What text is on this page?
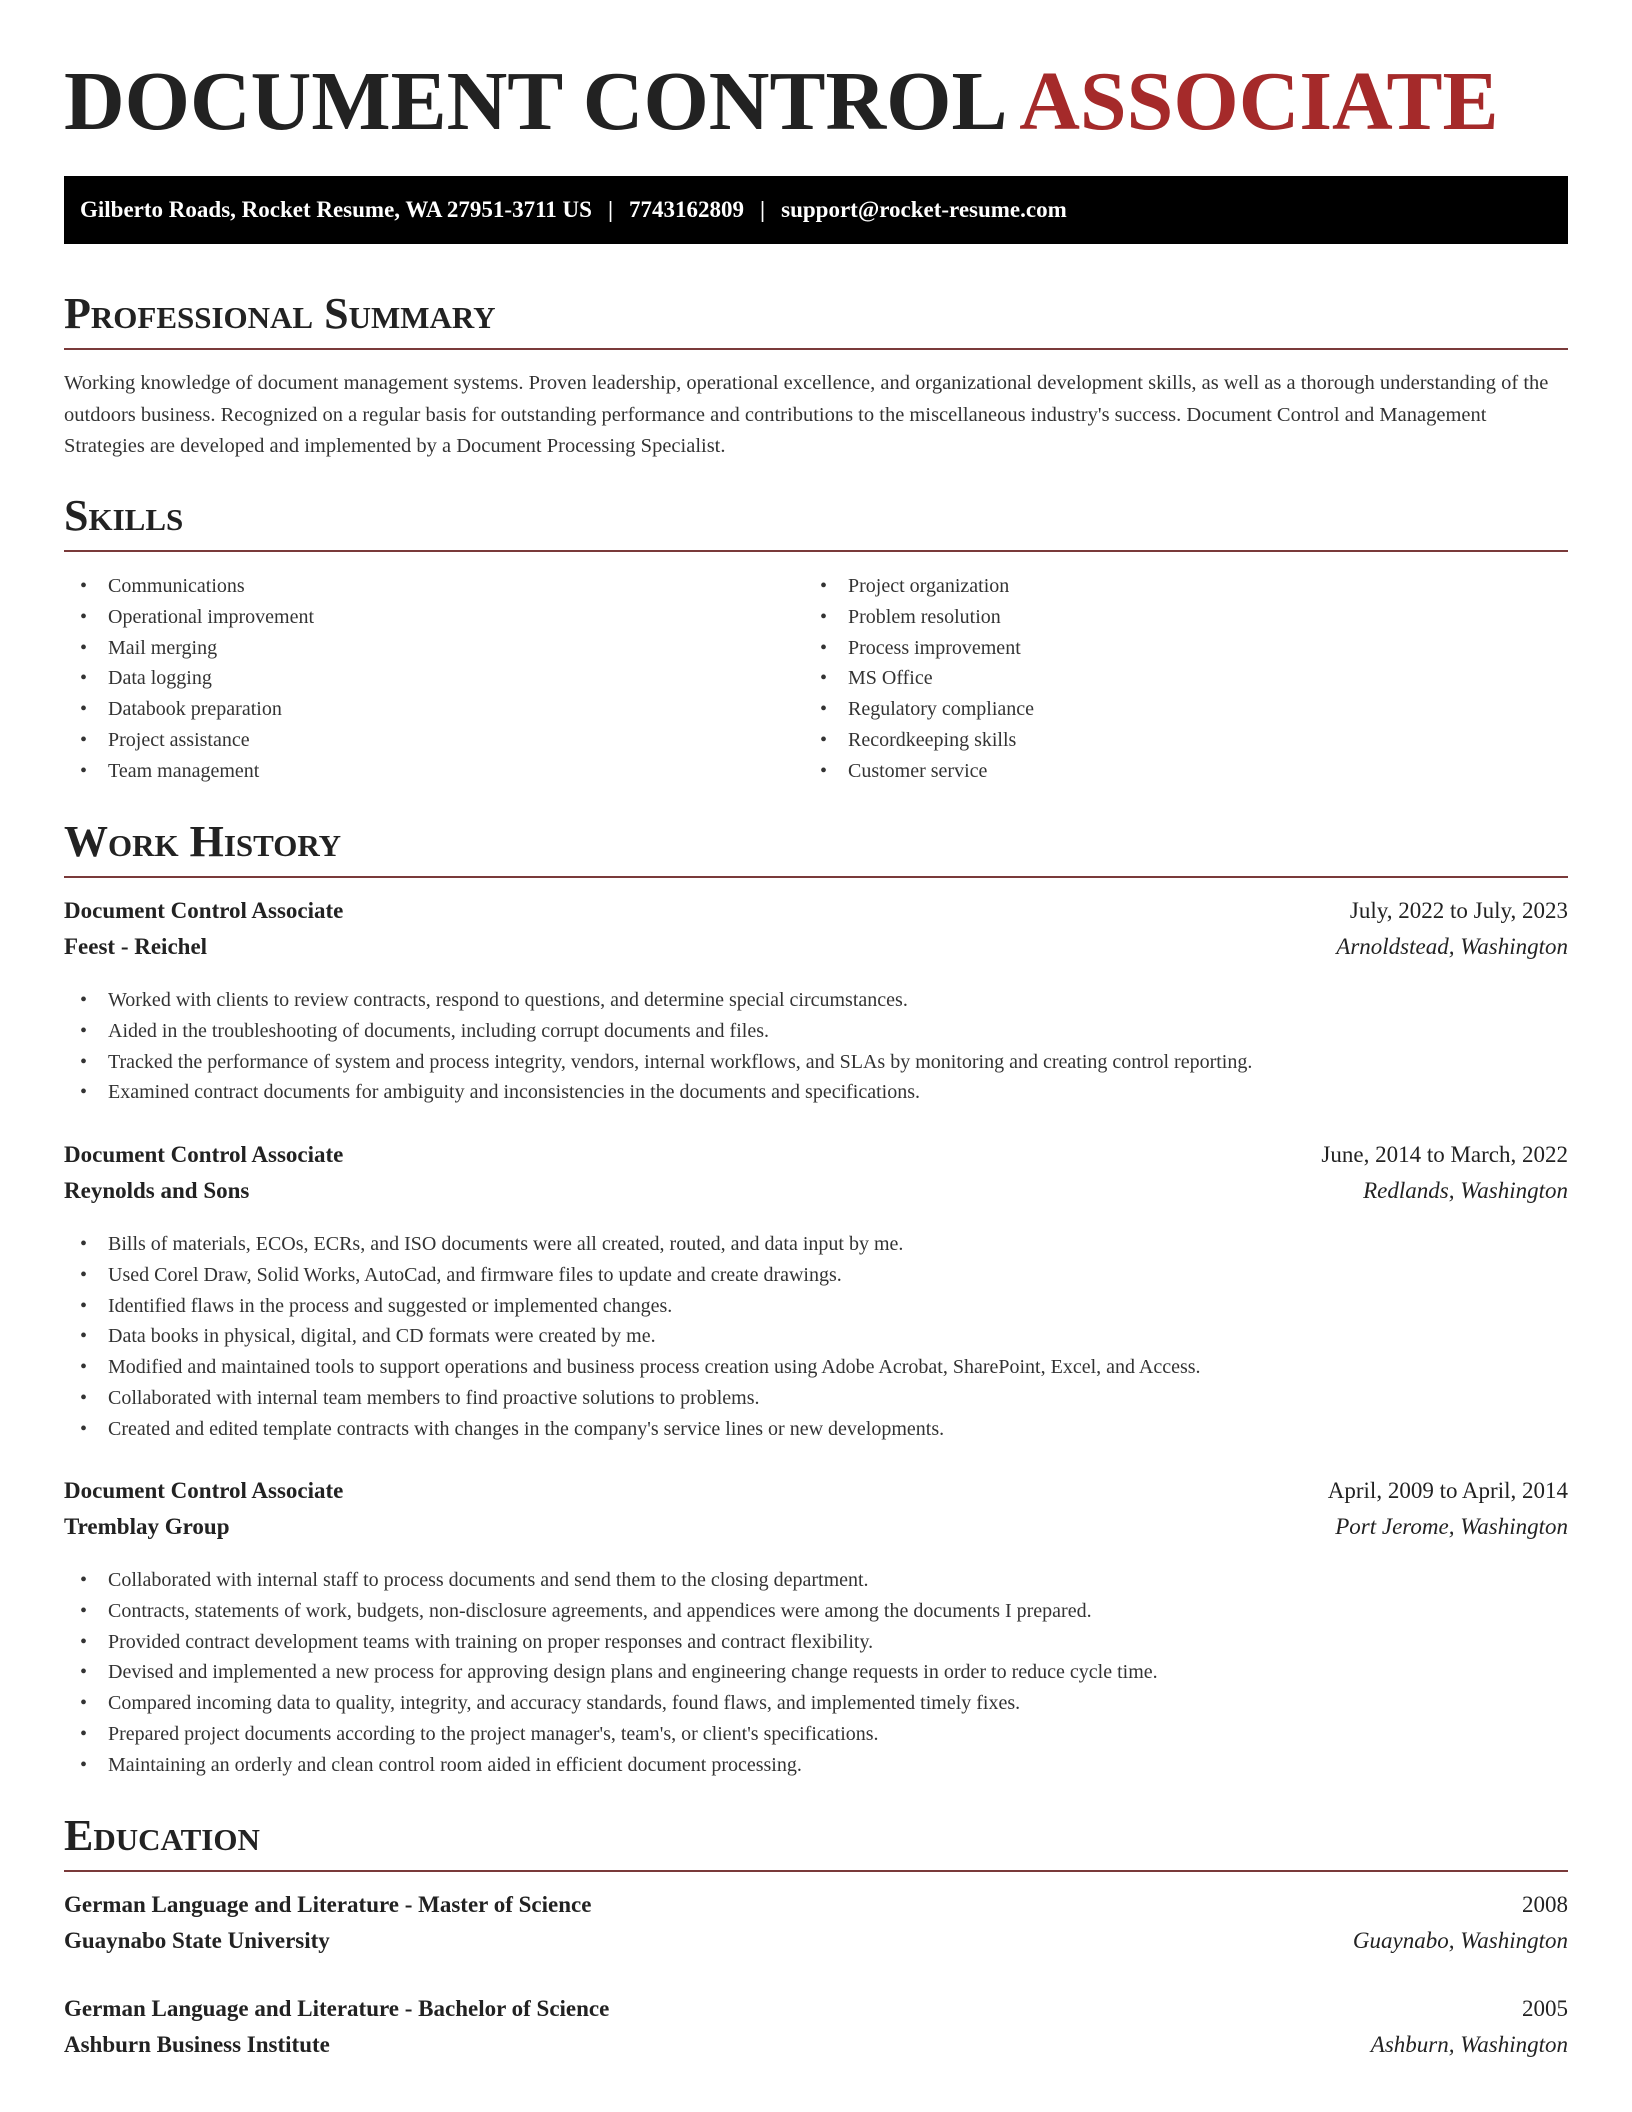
DOCUMENT CONTROL ASSOCIATE
Gilberto Roads, Rocket Resume, WA 27951-3711 US | 7743162809 | support@rocket-resume.com
Professional Summary

Working knowledge of document management systems. Proven leadership, operational excellence, and organizational development skills, as well as a thorough understanding of the outdoors business. Recognized on a regular basis for outstanding performance and contributions to the miscellaneous industry's success. Document Control and Management Strategies are developed and implemented by a Document Processing Specialist.

Skills
• Communications
• Operational improvement
• Mail merging
• Data logging
• Databook preparation
• Project assistance
• Team management
• Project organization
• Problem resolution
• Process improvement
• MS Office
• Regulatory compliance
• Recordkeeping skills
• Customer service
Work History
Document Control Associate	July, 2022 to July, 2023
Feest - Reichel	Arnoldstead, Washington
• Worked with clients to review contracts, respond to questions, and determine special circumstances.
• Aided in the troubleshooting of documents, including corrupt documents and files.
• Tracked the performance of system and process integrity, vendors, internal workflows, and SLAs by monitoring and creating control reporting.
• Examined contract documents for ambiguity and inconsistencies in the documents and specifications.
Document Control Associate	June, 2014 to March, 2022
Reynolds and Sons	Redlands, Washington
• Bills of materials, ECOs, ECRs, and ISO documents were all created, routed, and data input by me.
• Used Corel Draw, Solid Works, AutoCad, and firmware files to update and create drawings.
• Identified flaws in the process and suggested or implemented changes.
• Data books in physical, digital, and CD formats were created by me.
• Modified and maintained tools to support operations and business process creation using Adobe Acrobat, SharePoint, Excel, and Access.
• Collaborated with internal team members to find proactive solutions to problems.
• Created and edited template contracts with changes in the company's service lines or new developments.
Document Control Associate	April, 2009 to April, 2014
Tremblay Group	Port Jerome, Washington
• Collaborated with internal staff to process documents and send them to the closing department.
• Contracts, statements of work, budgets, non-disclosure agreements, and appendices were among the documents I prepared.
• Provided contract development teams with training on proper responses and contract flexibility.
• Devised and implemented a new process for approving design plans and engineering change requests in order to reduce cycle time.
• Compared incoming data to quality, integrity, and accuracy standards, found flaws, and implemented timely fixes.
• Prepared project documents according to the project manager's, team's, or client's specifications.
• Maintaining an orderly and clean control room aided in efficient document processing.
Education
German Language and Literature - Master of Science	2008
Guaynabo State University	Guaynabo, Washington
German Language and Literature - Bachelor of Science	2005
Ashburn Business Institute	Ashburn, Washington
